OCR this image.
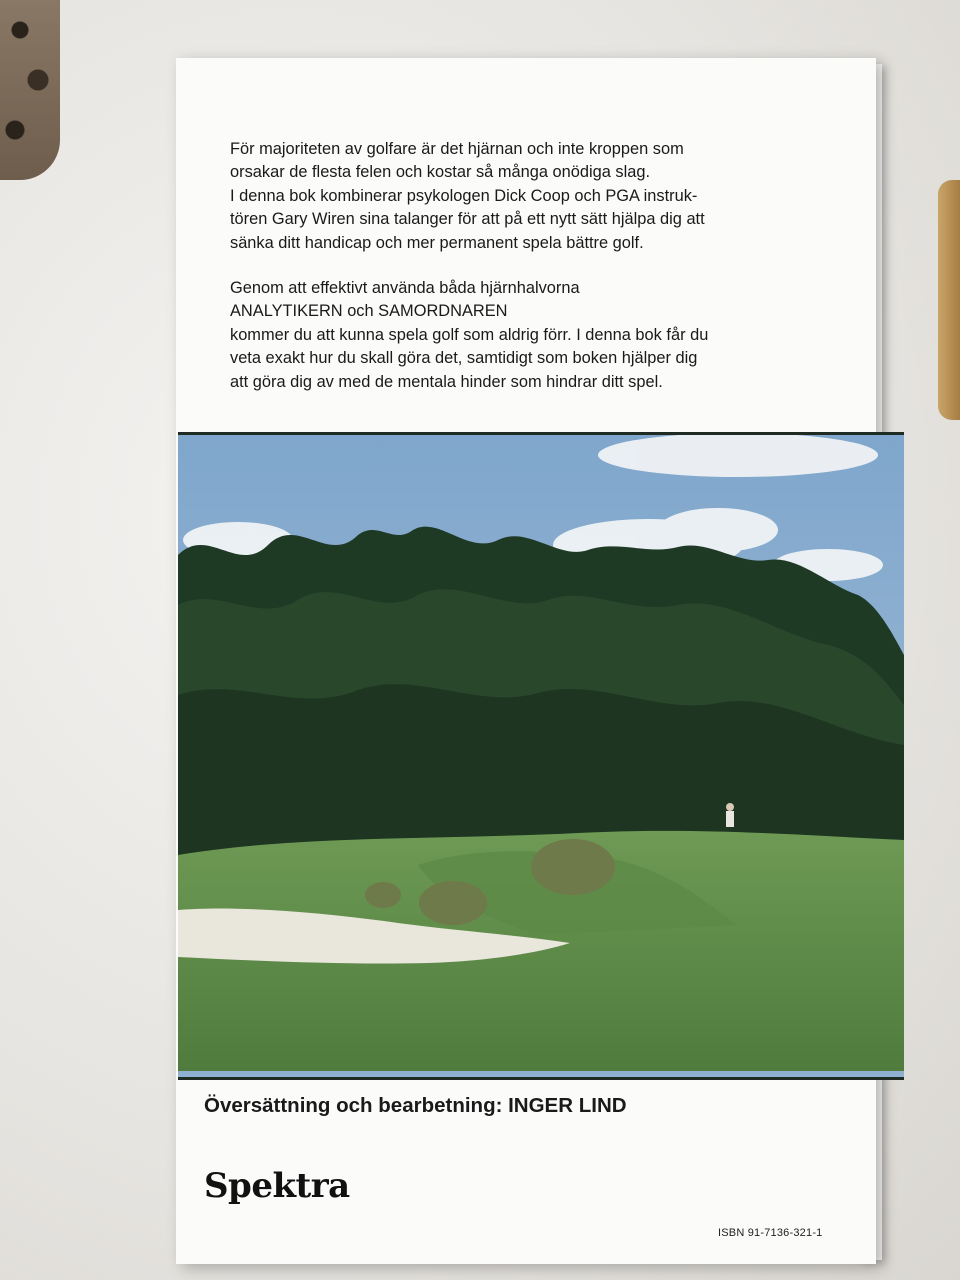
För majoriteten av golfare är det hjärnan och inte kroppen som
orsakar de flesta felen och kostar så många onödiga slag.
I denna bok kombinerar psykologen Dick Coop och PGA instruk-
tören Gary Wiren sina talanger för att på ett nytt sätt hjälpa dig att
sänka ditt handicap och mer permanent spela bättre golf.

Genom att effektivt använda båda hjärnhalvorna
ANALYTIKERN och SAMORDNAREN
kommer du att kunna spela golf som aldrig förr. I denna bok får du
veta exakt hur du skall göra det, samtidigt som boken hjälper dig
att göra dig av med de mentala hinder som hindrar ditt spel.

Översättning och bearbetning: INGER LIND
Spektra
ISBN 91-7136-321-1
